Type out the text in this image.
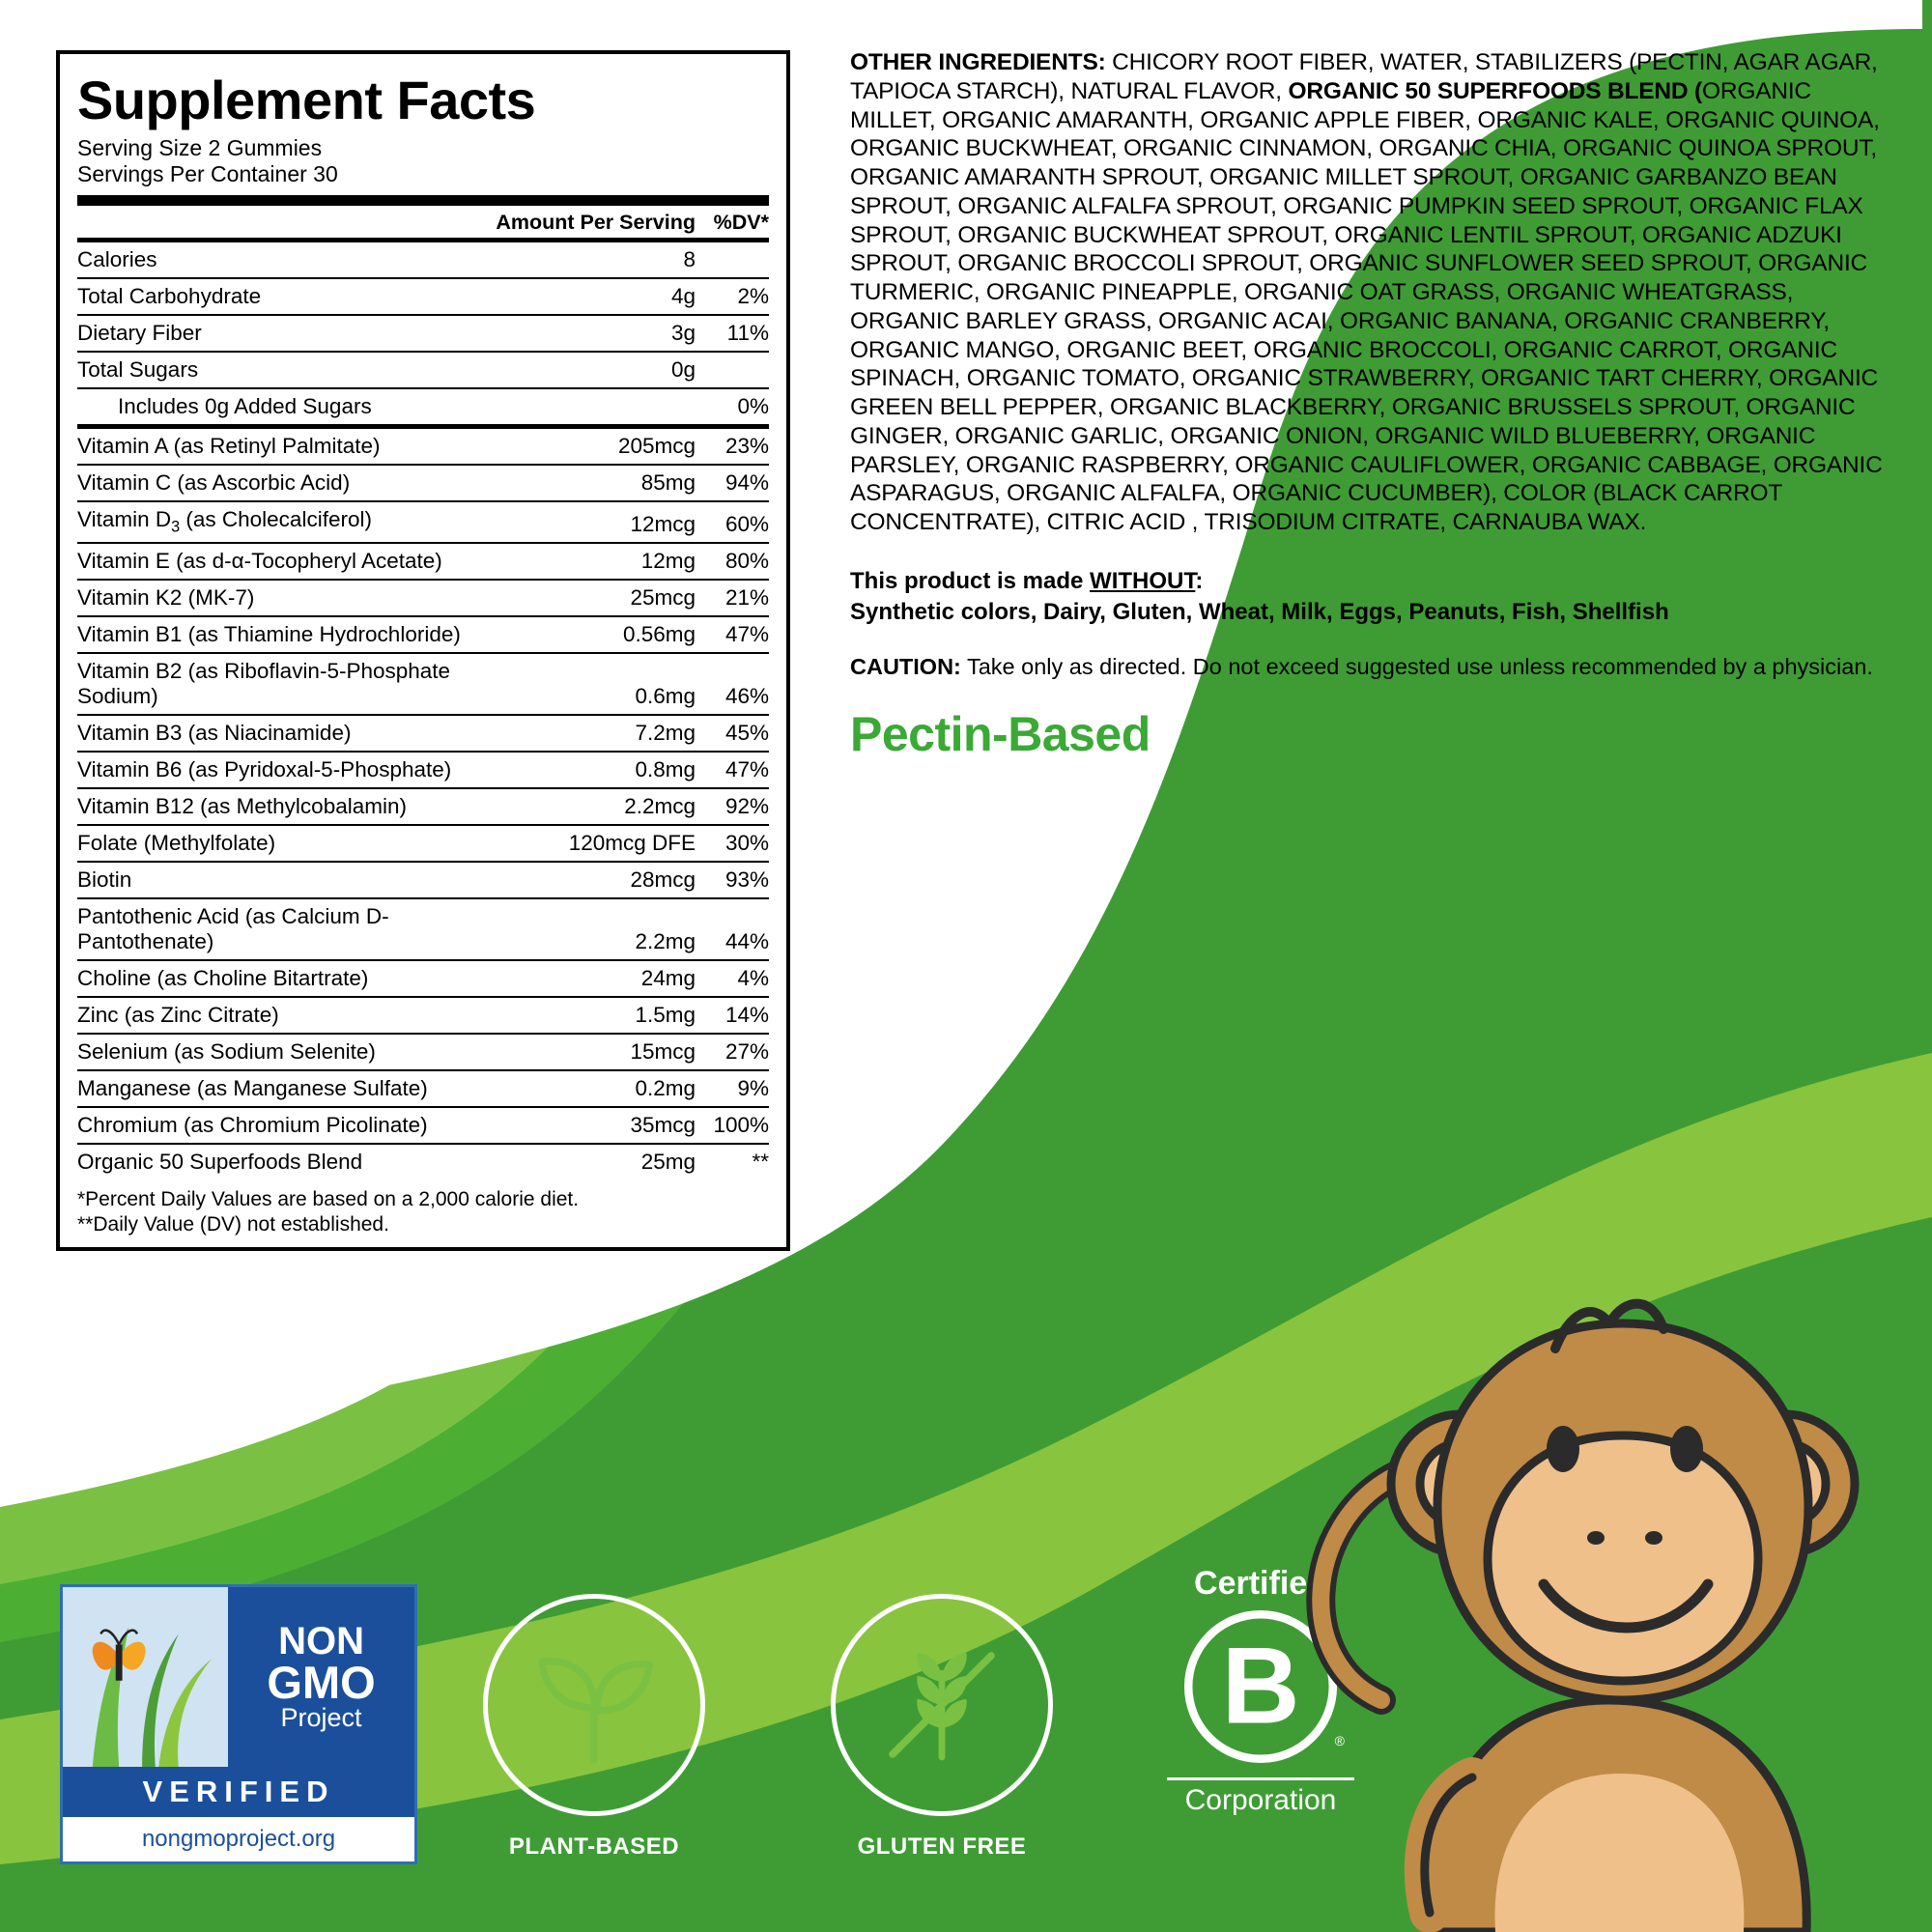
Supplement Facts
Serving Size 2 Gummies
Servings Per Container 30
	Amount Per Serving	%DV*
Calories	8	
Total Carbohydrate	4g	2%
Dietary Fiber	3g	11%
Total Sugars	0g	
Includes 0g Added Sugars		0%
Vitamin A (as Retinyl Palmitate)	205mcg	23%
Vitamin C (as Ascorbic Acid)	85mg	94%
Vitamin $D_3$ (as Cholecalciferol)	12mcg	60%
Vitamin E (as d-α-Tocopheryl Acetate)	12mg	80%
Vitamin K2 (MK-7)	25mcg	21%
Vitamin B1 (as Thiamine Hydrochloride)	0.56mg	47%
Vitamin B2 (as Riboflavin-5-Phosphate Sodium)	0.6mg	46%
Vitamin B3 (as Niacinamide)	7.2mg	45%
Vitamin B6 (as Pyridoxal-5-Phosphate)	0.8mg	47%
Vitamin B12 (as Methylcobalamin)	2.2mcg	92%
Folate (Methylfolate)	120mcg DFE	30%
Biotin	28mcg	93%
Pantothenic Acid (as Calcium D-Pantothenate)	2.2mg	44%
Choline (as Choline Bitartrate)	24mg	4%
Zinc (as Zinc Citrate)	1.5mg	14%
Selenium (as Sodium Selenite)	15mcg	27%
Manganese (as Manganese Sulfate)	0.2mg	9%
Chromium (as Chromium Picolinate)	35mcg	100%
Organic 50 Superfoods Blend	25mg	**
*Percent Daily Values are based on a 2,000 calorie diet.
**Daily Value (DV) not established.
OTHER INGREDIENTS: CHICORY ROOT FIBER, WATER, STABILIZERS (PECTIN, AGAR AGAR, TAPIOCA STARCH), NATURAL FLAVOR, ORGANIC 50 SUPERFOODS BLEND (ORGANIC MILLET, ORGANIC AMARANTH, ORGANIC APPLE FIBER, ORGANIC KALE, ORGANIC QUINOA, ORGANIC BUCKWHEAT, ORGANIC CINNAMON, ORGANIC CHIA, ORGANIC QUINOA SPROUT, ORGANIC AMARANTH SPROUT, ORGANIC MILLET SPROUT, ORGANIC GARBANZO BEAN SPROUT, ORGANIC ALFALFA SPROUT, ORGANIC PUMPKIN SEED SPROUT, ORGANIC FLAX SPROUT, ORGANIC BUCKWHEAT SPROUT, ORGANIC LENTIL SPROUT, ORGANIC ADZUKI SPROUT, ORGANIC BROCCOLI SPROUT, ORGANIC SUNFLOWER SEED SPROUT, ORGANIC TURMERIC, ORGANIC PINEAPPLE, ORGANIC OAT GRASS, ORGANIC WHEATGRASS, ORGANIC BARLEY GRASS, ORGANIC ACAI, ORGANIC BANANA, ORGANIC CRANBERRY, ORGANIC MANGO, ORGANIC BEET, ORGANIC BROCCOLI, ORGANIC CARROT, ORGANIC SPINACH, ORGANIC TOMATO, ORGANIC STRAWBERRY, ORGANIC TART CHERRY, ORGANIC GREEN BELL PEPPER, ORGANIC BLACKBERRY, ORGANIC BRUSSELS SPROUT, ORGANIC GINGER, ORGANIC GARLIC, ORGANIC ONION, ORGANIC WILD BLUEBERRY, ORGANIC PARSLEY, ORGANIC RASPBERRY, ORGANIC CAULIFLOWER, ORGANIC CABBAGE, ORGANIC ASPARAGUS, ORGANIC ALFALFA, ORGANIC CUCUMBER), COLOR (BLACK CARROT CONCENTRATE), CITRIC ACID , TRISODIUM CITRATE, CARNAUBA WAX.
This product is made WITHOUT:
Synthetic colors, Dairy, Gluten, Wheat, Milk, Eggs, Peanuts, Fish, Shellfish
CAUTION: Take only as directed. Do not exceed suggested use unless recommended by a physician.
Pectin-Based
NON
GMO
Project
VERIFIED
nongmoproject.org	PLANT-BASED	GLUTEN FREE
Certified
B	®
Corporation
